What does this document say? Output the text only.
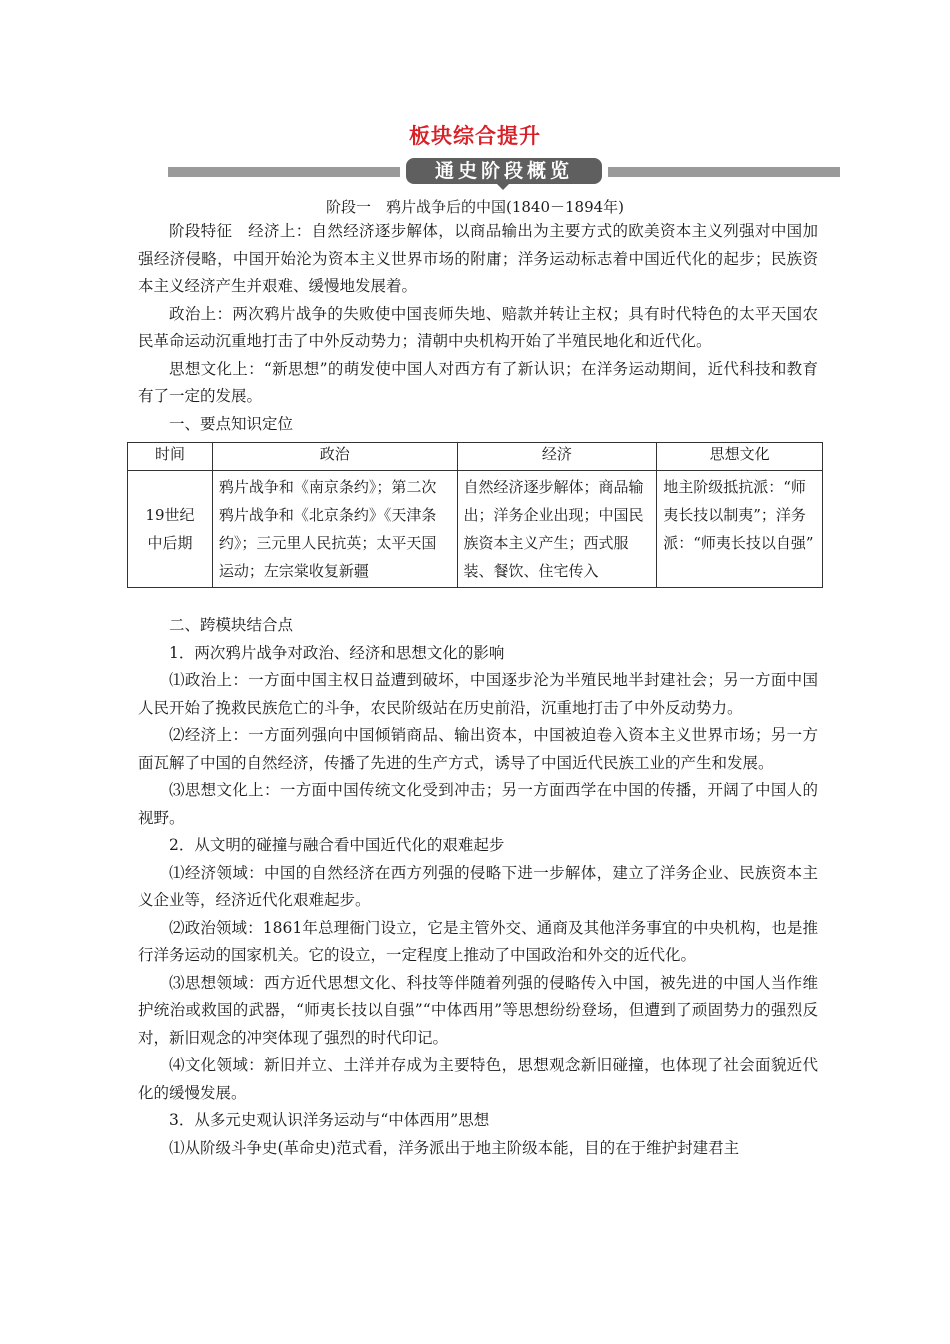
板块综合提升
通史阶段概览
阶段一　鸦片战争后的中国(1840－1894年)

阶段特征　经济上：自然经济逐步解体，以商品输出为主要方式的欧美资本主义列强对中国加强经济侵略，中国开始沦为资本主义世界市场的附庸；洋务运动标志着中国近代化的起步；民族资本主义经济产生并艰难、缓慢地发展着。

政治上：两次鸦片战争的失败使中国丧师失地、赔款并转让主权；具有时代特色的太平天国农民革命运动沉重地打击了中外反动势力；清朝中央机构开始了半殖民地化和近代化。

思想文化上：“新思想”的萌发使中国人对西方有了新认识；在洋务运动期间，近代科技和教育有了一定的发展。

一、要点知识定位

时间	政治	经济	思想文化
19世纪中后期	鸦片战争和《南京条约》；第二次鸦片战争和《北京条约》《天津条约》；三元里人民抗英；太平天国运动；左宗棠收复新疆	自然经济逐步解体；商品输出；洋务企业出现；中国民族资本主义产生；西式服装、餐饮、住宅传入	地主阶级抵抗派：“师夷长技以制夷”；洋务派：“师夷长技以自强”

二、跨模块结合点

1．两次鸦片战争对政治、经济和思想文化的影响

⑴政治上：一方面中国主权日益遭到破坏，中国逐步沦为半殖民地半封建社会；另一方面中国人民开始了挽救民族危亡的斗争，农民阶级站在历史前沿，沉重地打击了中外反动势力。

⑵经济上：一方面列强向中国倾销商品、输出资本，中国被迫卷入资本主义世界市场；另一方面瓦解了中国的自然经济，传播了先进的生产方式，诱导了中国近代民族工业的产生和发展。

⑶思想文化上：一方面中国传统文化受到冲击；另一方面西学在中国的传播，开阔了中国人的视野。

2．从文明的碰撞与融合看中国近代化的艰难起步

⑴经济领域：中国的自然经济在西方列强的侵略下进一步解体，建立了洋务企业、民族资本主义企业等，经济近代化艰难起步。

⑵政治领域：1861年总理衙门设立，它是主管外交、通商及其他洋务事宜的中央机构，也是推行洋务运动的国家机关。它的设立，一定程度上推动了中国政治和外交的近代化。

⑶思想领域：西方近代思想文化、科技等伴随着列强的侵略传入中国，被先进的中国人当作维护统治或救国的武器，“师夷长技以自强”“中体西用”等思想纷纷登场，但遭到了顽固势力的强烈反对，新旧观念的冲突体现了强烈的时代印记。

⑷文化领域：新旧并立、土洋并存成为主要特色，思想观念新旧碰撞，也体现了社会面貌近代化的缓慢发展。

3．从多元史观认识洋务运动与“中体西用”思想

⑴从阶级斗争史(革命史)范式看，洋务派出于地主阶级本能，目的在于维护封建君主
